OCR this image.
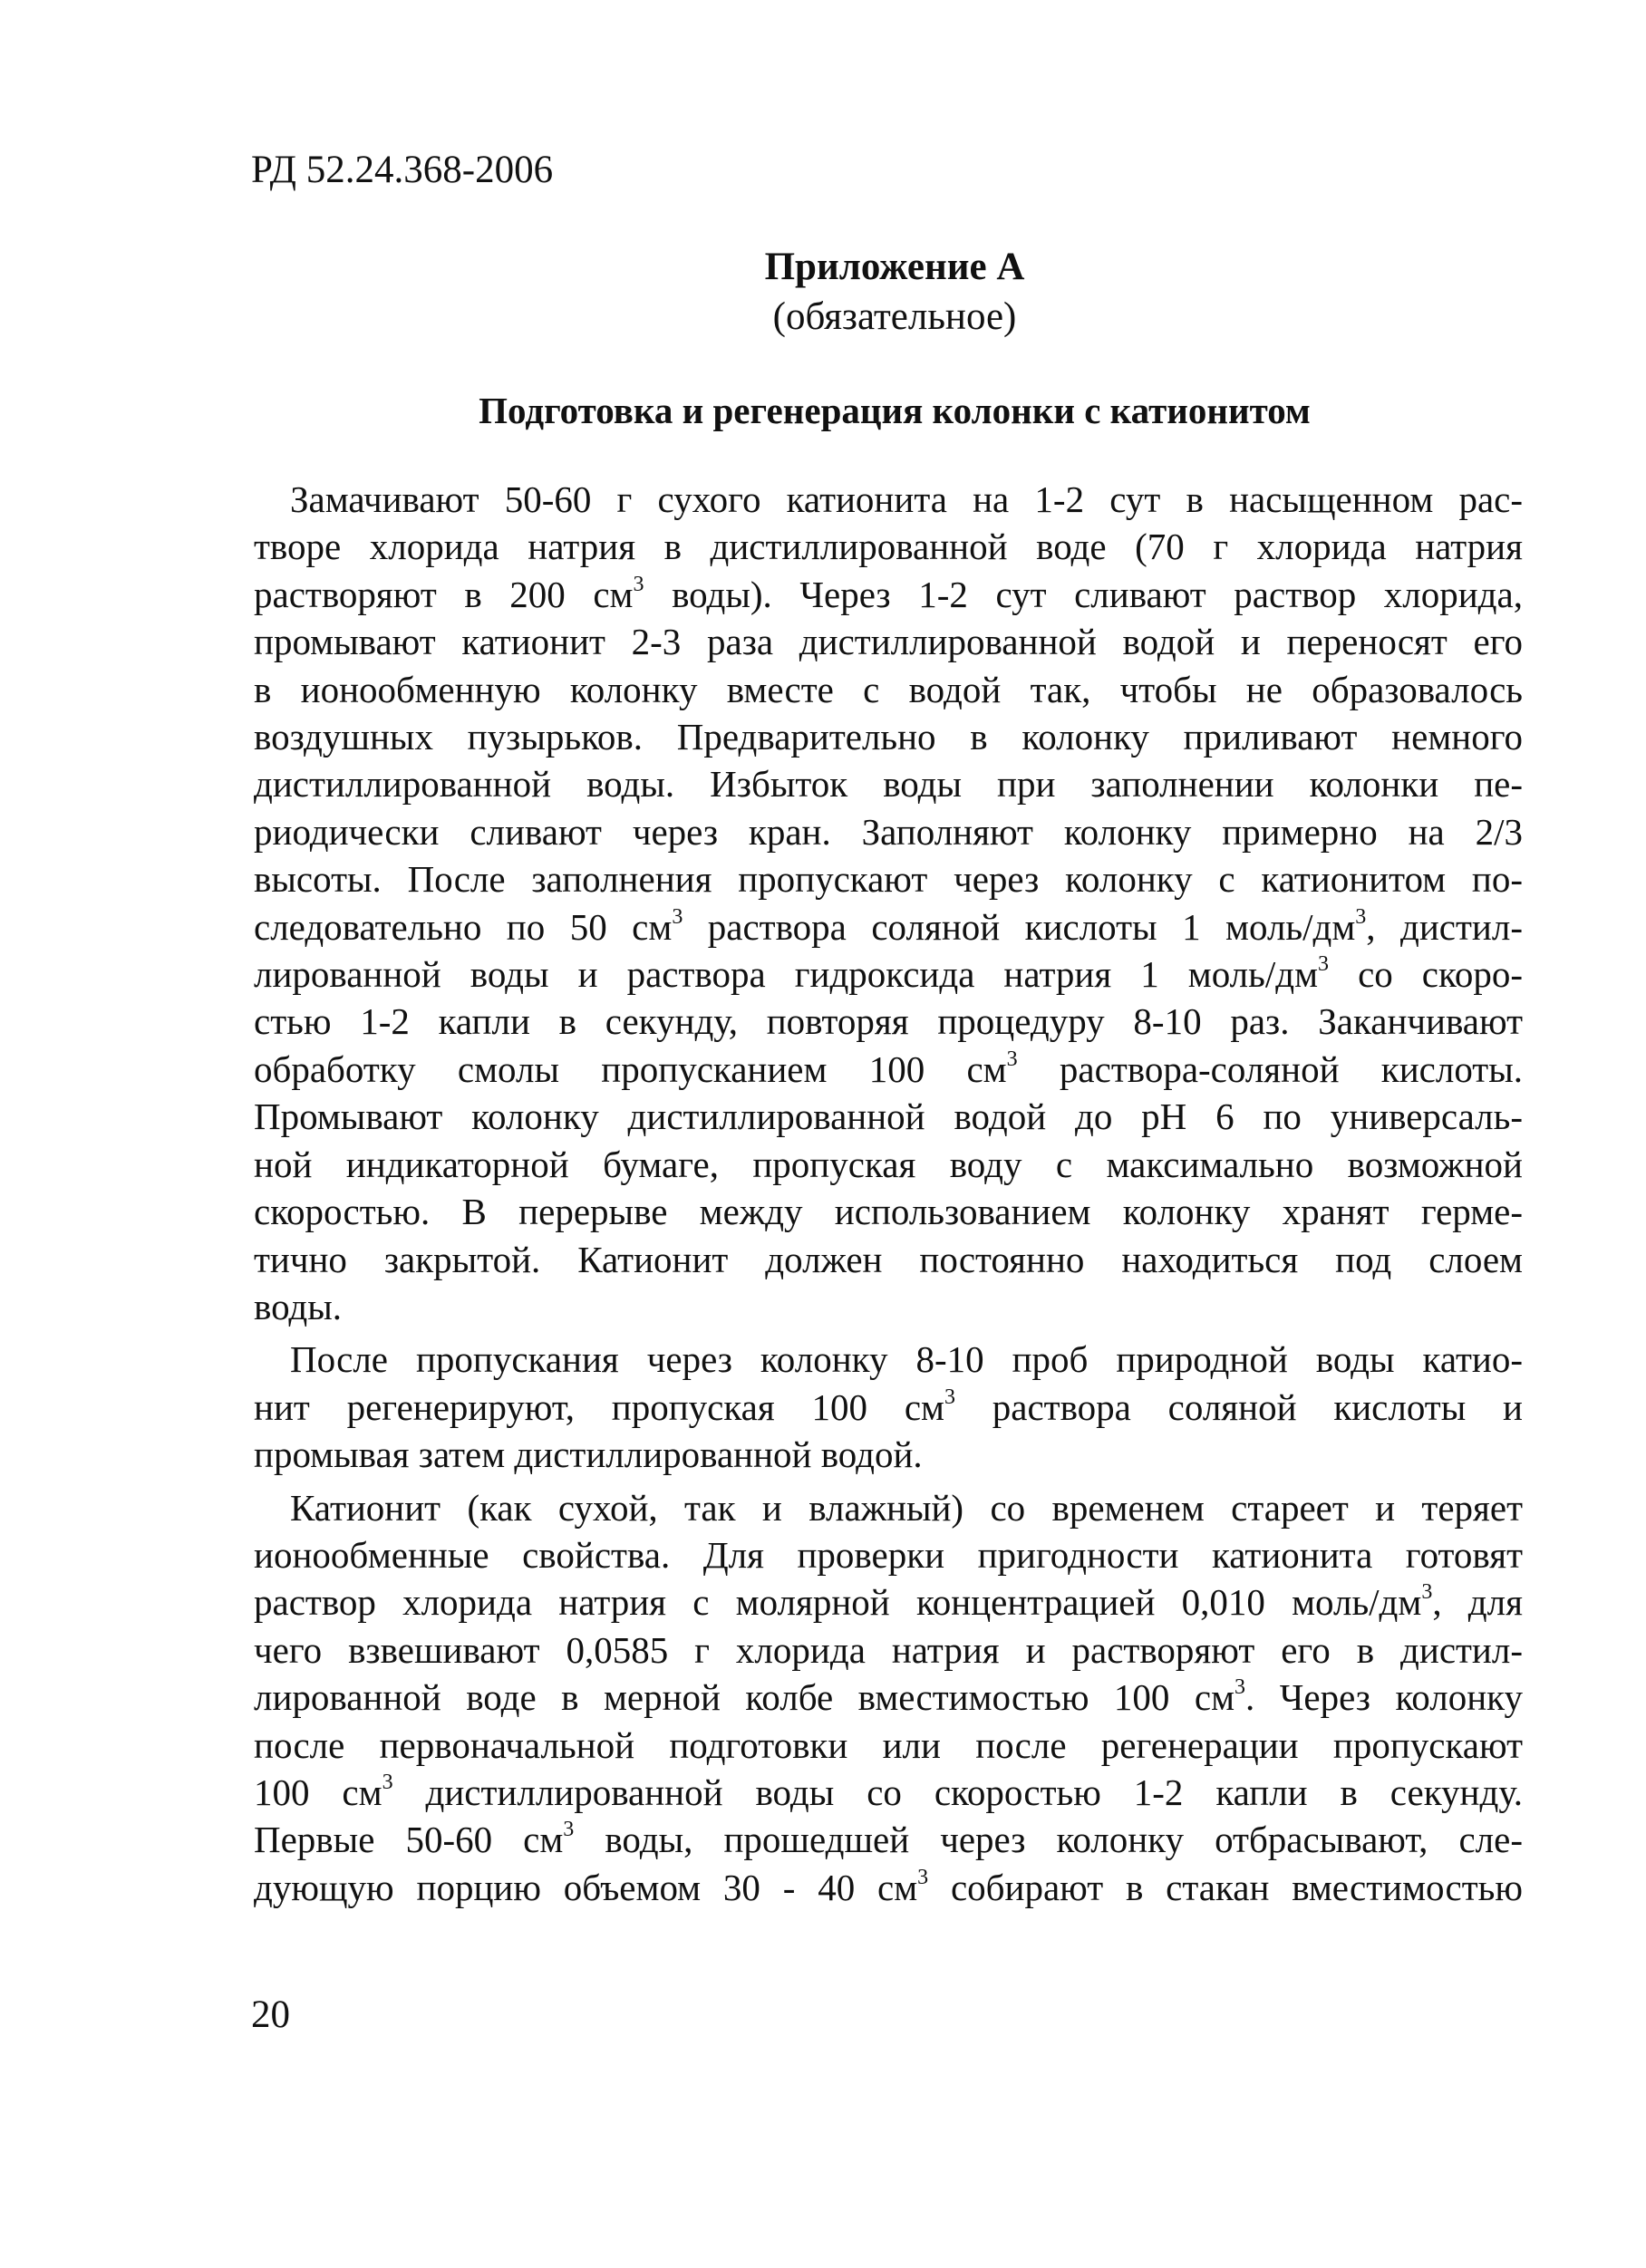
РД 52.24.368-2006
Приложение А
(обязательное)
Подготовка и регенерация колонки с катионитом
Замачивают 50-60 г сухого катионита на 1-2 сут в насыщенном рас-
творе хлорида натрия в дистиллированной воде (70 г хлорида натрия
растворяют в 200 $см^3$ воды). Через 1-2 сут сливают раствор хлорида,
промывают катионит 2-3 раза дистиллированной водой и переносят его
в ионообменную колонку вместе с водой так, чтобы не образовалось
воздушных пузырьков. Предварительно в колонку приливают немного
дистиллированной воды. Избыток воды при заполнении колонки пе-
риодически сливают через кран. Заполняют колонку примерно на 2/3
высоты. После заполнения пропускают через колонку с катионитом по-
следовательно по 50 $см^3$ раствора соляной кислоты 1 моль/$дм^3$, дистил-
лированной воды и раствора гидроксида натрия 1 моль/$дм^3$ со скоро-
стью 1-2 капли в секунду, повторяя процедуру 8-10 раз. Заканчивают
обработку смолы пропусканием 100 $см^3$ раствора-соляной кислоты.
Промывают колонку дистиллированной водой до рН 6 по универсаль-
ной индикаторной бумаге, пропуская воду с максимально возможной
скоростью. В перерыве между использованием колонку хранят герме-
тично закрытой. Катионит должен постоянно находиться под слоем
воды.
После пропускания через колонку 8-10 проб природной воды катио-
нит регенерируют, пропуская 100 $см^3$ раствора соляной кислоты и
промывая затем дистиллированной водой.
Катионит (как сухой, так и влажный) со временем стареет и теряет
ионообменные свойства. Для проверки пригодности катионита готовят
раствор хлорида натрия с молярной концентрацией 0,010 моль/$дм^3$, для
чего взвешивают 0,0585 г хлорида натрия и растворяют его в дистил-
лированной воде в мерной колбе вместимостью 100 $см^3$. Через колонку
после первоначальной подготовки или после регенерации пропускают
100 $см^3$ дистиллированной воды со скоростью 1-2 капли в секунду.
Первые 50-60 $см^3$ воды, прошедшей через колонку отбрасывают, сле-
дующую порцию объемом 30 - 40 $см^3$ собирают в стакан вместимостью
20
